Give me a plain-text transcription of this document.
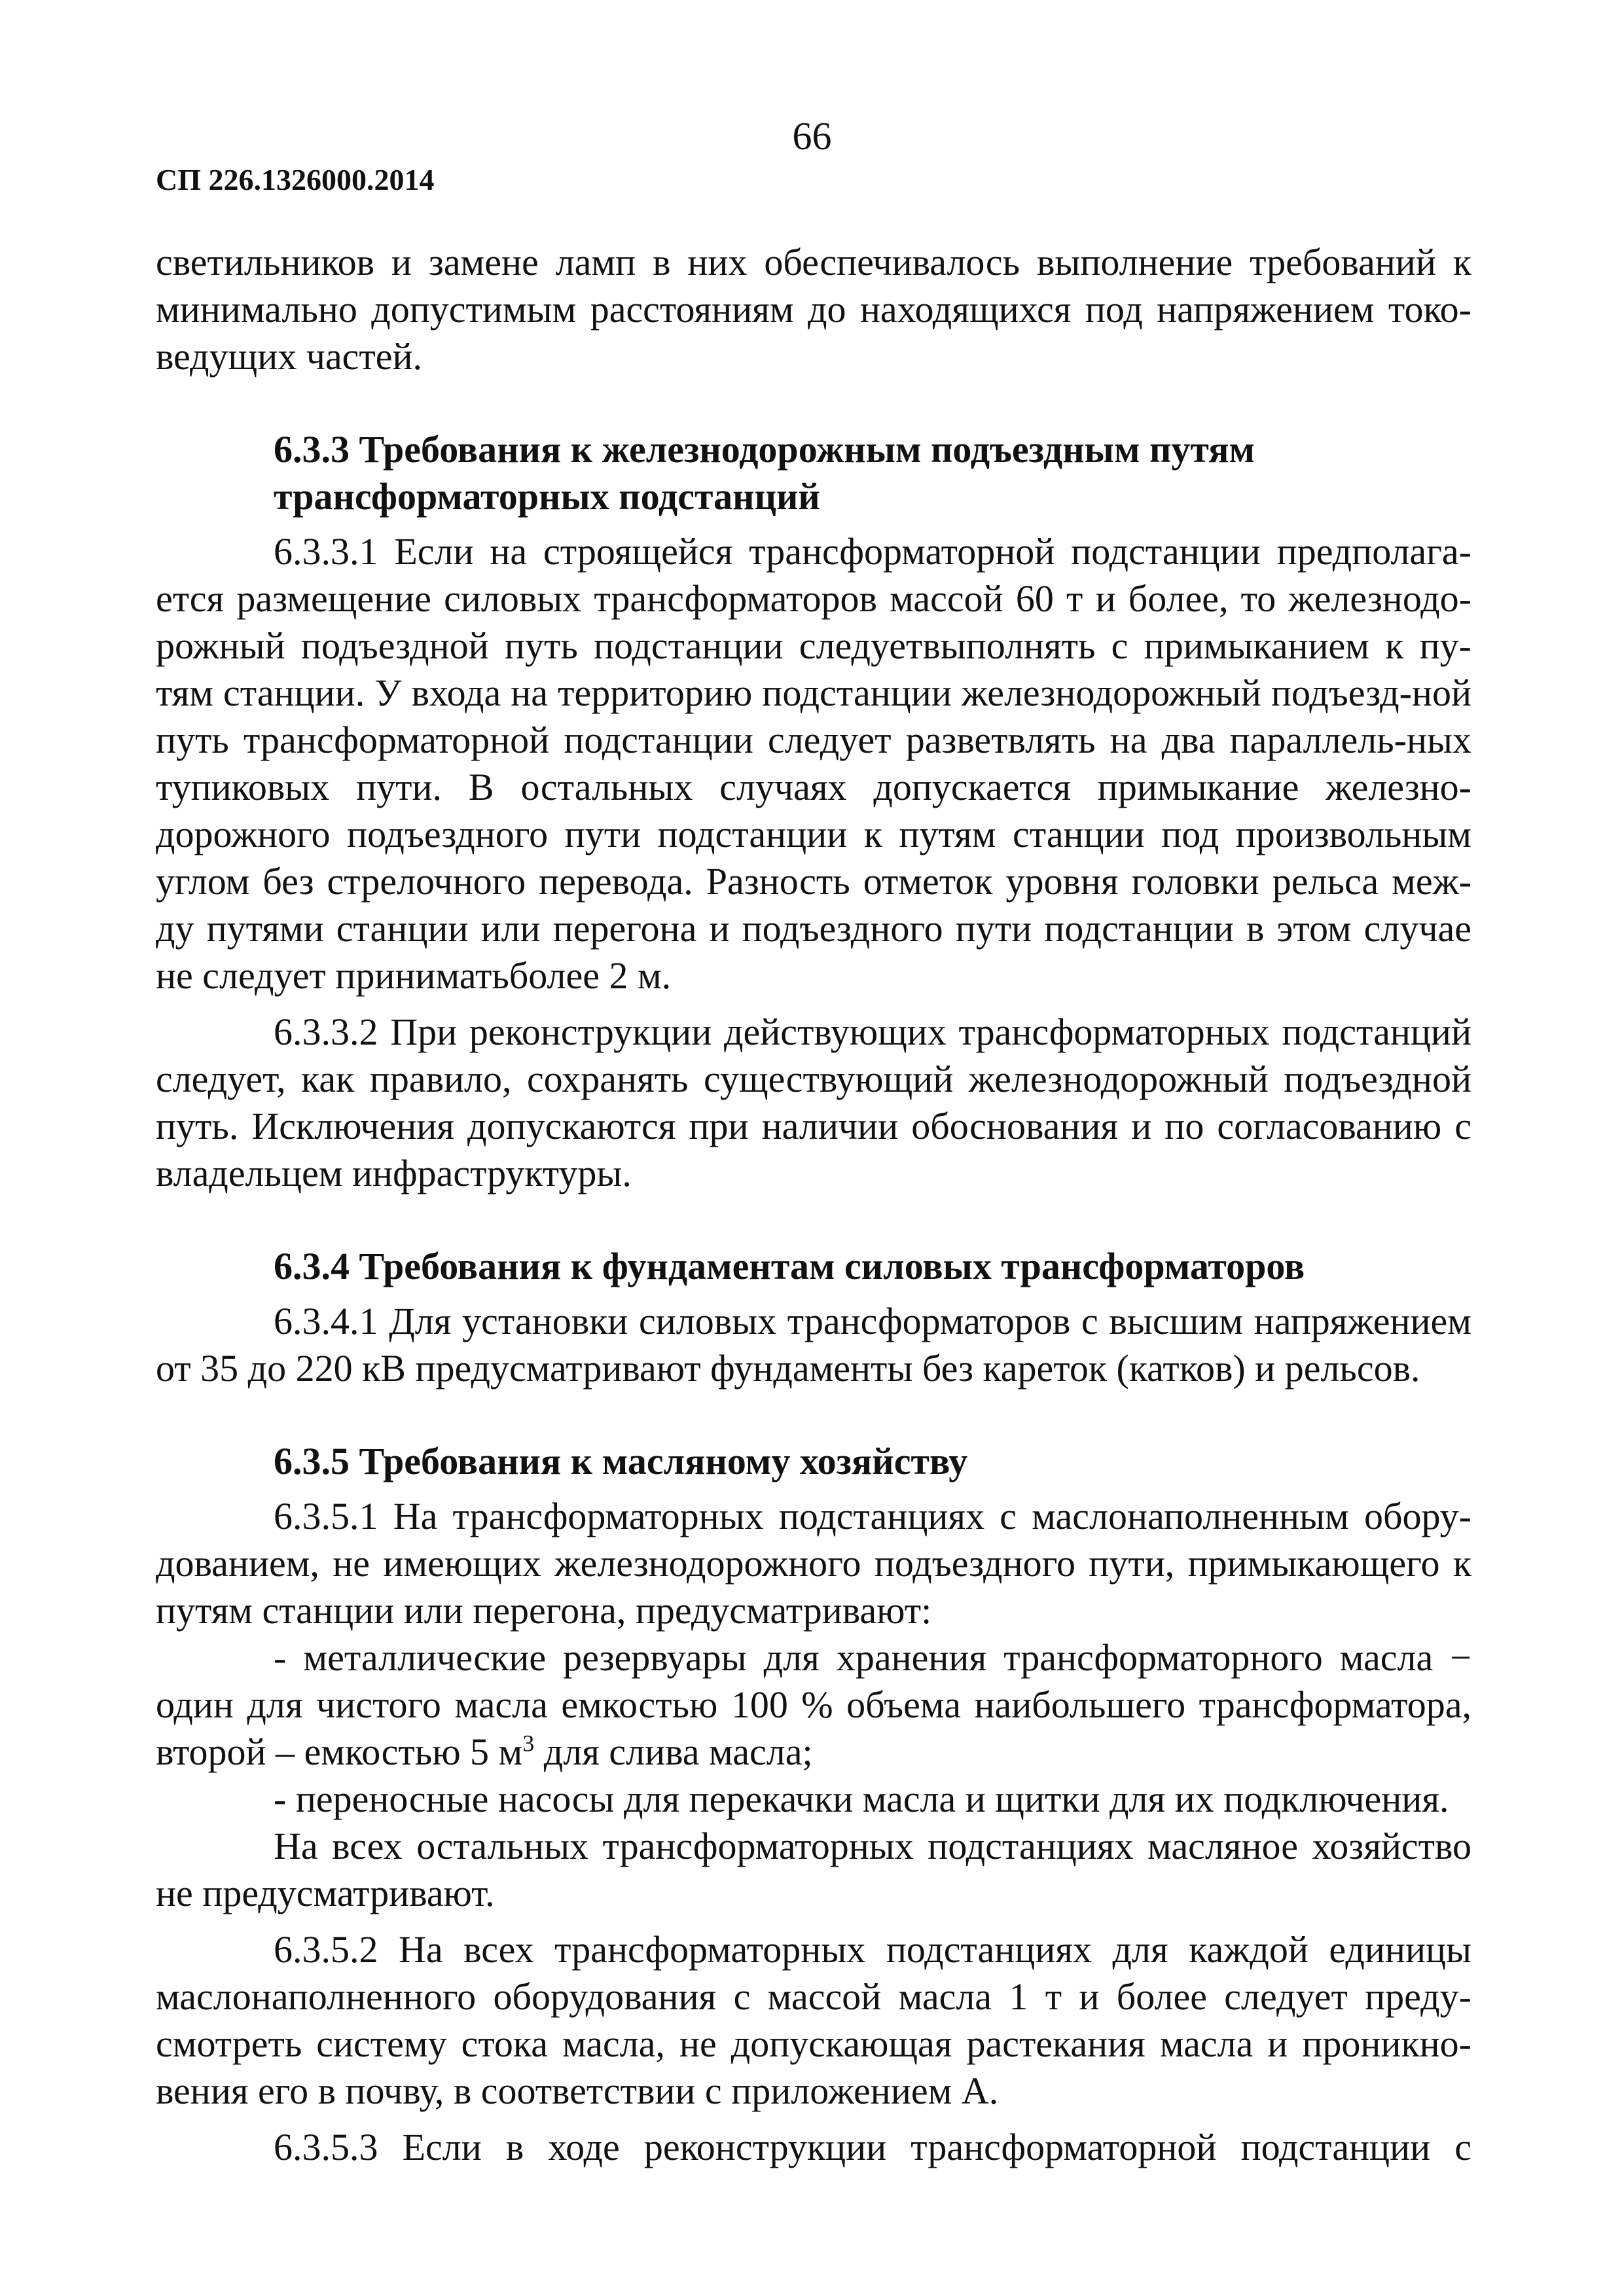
66
СП 226.1326000.2014

светильников и замене ламп в них обеспечивалось выполнение требований к минимально допустимым расстояниям до находящихся под напряжением токо-ведущих частей.

6.3.3 Требования к железнодорожным подъездным путям трансформаторных подстанций

6.3.3.1 Если на строящейся трансформаторной подстанции предполага-ется размещение силовых трансформаторов массой 60 т и более, то железнодо-рожный подъездной путь подстанции следуетвыполнять с примыканием к пу-тям станции. У входа на территорию подстанции железнодорожный подъезд-ной путь трансформаторной подстанции следует разветвлять на два параллель-ных тупиковых пути. В остальных случаях допускается примыкание железно-дорожного подъездного пути подстанции к путям станции под произвольным углом без стрелочного перевода. Разность отметок уровня головки рельса меж-ду путями станции или перегона и подъездного пути подстанции в этом случае не следует приниматьболее 2 м.

6.3.3.2 При реконструкции действующих трансформаторных подстанций следует, как правило, сохранять существующий железнодорожный подъездной путь. Исключения допускаются при наличии обоснования и по согласованию с владельцем инфраструктуры.

6.3.4 Требования к фундаментам силовых трансформаторов

6.3.4.1 Для установки силовых трансформаторов с высшим напряжением от 35 до 220 кВ предусматривают фундаменты без кареток (катков) и рельсов.

6.3.5 Требования к масляному хозяйству

6.3.5.1 На трансформаторных подстанциях с маслонаполненным обору-дованием, не имеющих железнодорожного подъездного пути, примыкающего к путям станции или перегона, предусматривают:

- металлические резервуары для хранения трансформаторного масла − один для чистого масла емкостью 100 % объема наибольшего трансформатора, второй – емкостью 5 $м^3$ для слива масла;

- переносные насосы для перекачки масла и щитки для их подключения.

На всех остальных трансформаторных подстанциях масляное хозяйство не предусматривают.

6.3.5.2 На всех трансформаторных подстанциях для каждой единицы маслонаполненного оборудования с массой масла 1 т и более следует преду-смотреть систему стока масла, не допускающая растекания масла и проникно-вения его в почву, в соответствии с приложением А.

6.3.5.3 Если в ходе реконструкции трансформаторной подстанции с
